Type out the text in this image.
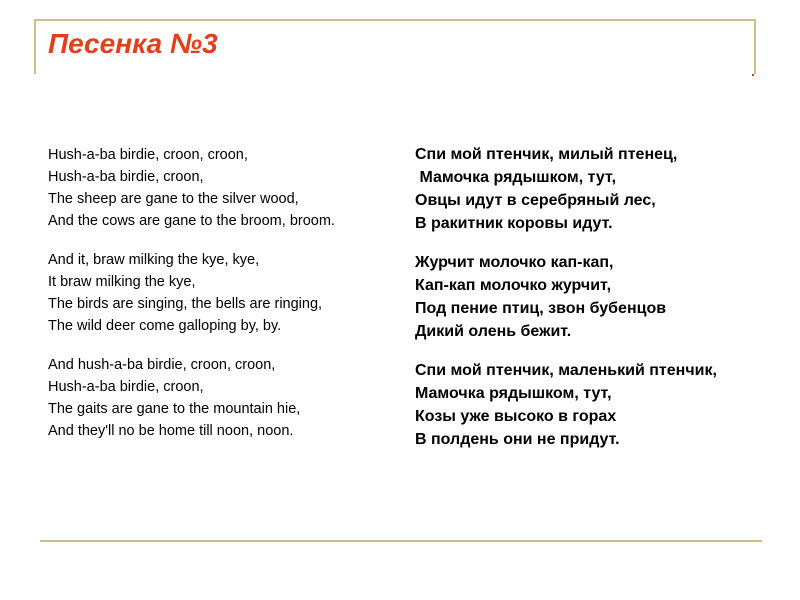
Песенка №3

Hush-a-ba birdie, croon, croon,

Hush-a-ba birdie, croon,

The sheep are gane to the silver wood,

And the cows are gane to the broom, broom.

And it, braw milking the kye, kye,

It braw milking the kye,

The birds are singing, the bells are ringing,

The wild deer come galloping by, by.

And hush-a-ba birdie, croon, croon,

Hush-a-ba birdie, croon,

The gaits are gane to the mountain hie,

And they'll no be home till noon, noon.

Спи мой птенчик, милый птенец,

Мамочка рядышком, тут,

Овцы идут в серебряный лес,

В ракитник коровы идут.

Журчит молочко кап-кап,

Кап-кап молочко журчит,

Под пение птиц, звон бубенцов

Дикий олень бежит.

Спи мой птенчик, маленький птенчик,

Мамочка рядышком, тут,

Козы уже высоко в горах

В полдень они не придут.
